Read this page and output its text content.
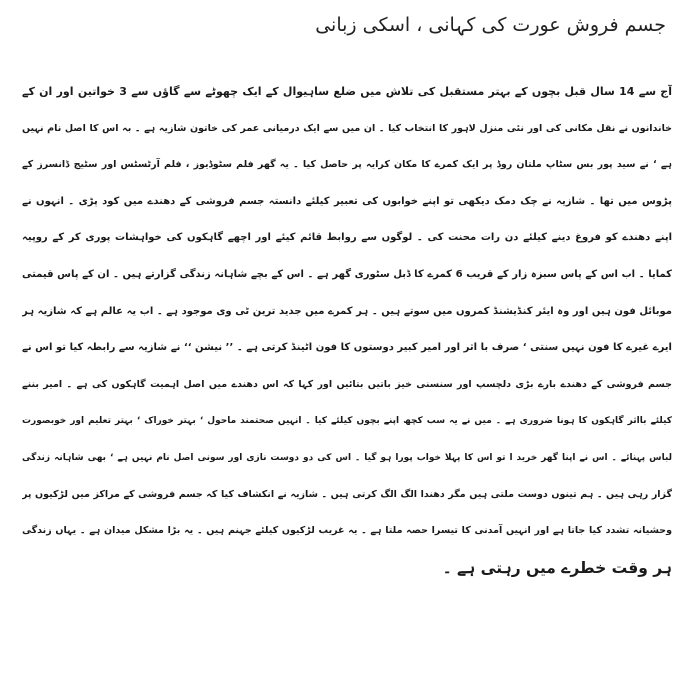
جسم فروش عورت کی کہانی ، اسکی زبانی
آج سے 14 سال قبل بچوں کے بہتر مستقبل کی تلاش میں ضلع ساہیوال کے ایک چھوٹے سے گاؤں سے 3 خواتین اور ان کے
خاندانوں نے نقل مکانی کی اور نئی منزل لاہور کا انتخاب کیا ۔ ان میں سے ایک درمیانی عمر کی خاتون شازیہ ہے ۔ بہ اس کا اصل نام نہیں
ہے ‘ نے سید پور بس سٹاپ ملتان روڈ پر ایک کمرے کا مکان کرایہ پر حاصل کیا ۔ یہ گھر فلم سٹوڈیوز ، فلم آرٹسٹس اور سٹیج ڈانسرز کے
پڑوس میں تھا ۔ شازیہ نے چک دمک دیکھی تو اپنے خوابوں کی تعبیر کیلئے دانستہ جسم فروشی کے دھندے میں کود پڑی ۔ انہوں نے
اپنے دھندے کو فروغ دینے کیلئے دن رات محنت کی ۔ لوگوں سے روابط قائم کیئے اور اچھے گاہکوں کی خواہشات پوری کر کے روپیہ
کمایا ۔ اب اس کے پاس سبزہ زار کے قریب 6 کمرے کا ڈبل سٹوری گھر ہے ۔ اس کے بچے شاہانہ زندگی گزارتے ہیں ۔ ان کے پاس قیمتی
موبائل فون ہیں اور وہ ایئر کنڈیشنڈ کمروں میں سوتے ہیں ۔ ہر کمرے میں جدید ترین ٹی وی موجود ہے ۔ اب یہ عالم ہے کہ شازیہ ہر
ایرے غیرے کا فون نہیں سنتی ‘ صرف با اثر اور امیر کبیر دوستوں کا فون اٹینڈ کرتی ہے ۔ ’’ نیشن ‘‘ نے شازیہ سے رابطہ کیا تو اس نے
جسم فروشی کے دھندے بارے بڑی دلچسپ اور سنسنی خیز باتیں بتائیں اور کہا کہ اس دھندے میں اصل اہمیت گاہکوں کی ہے ۔ امیر بننے
کیلئے بااثر گاہکوں کا ہونا ضروری ہے ۔ میں نے یہ سب کچھ اپنے بچوں کیلئے کیا ۔ انہیں صحتمند ماحول ‘ بہتر خوراک ‘ بہتر تعلیم اور خوبصورت
لباس پہنائے ۔ اس نے اپنا گھر خرید ا تو اس کا پہلا خواب پورا ہو گیا ۔ اس کی دو دوست نازی اور سونی اصل نام نہیں ہے ‘ بھی شاہانہ زندگی
گزار رہی ہیں ۔ ہم تینوں دوست ملتی ہیں مگر دھندا الگ الگ کرتی ہیں ۔ شازیہ نے انکشاف کیا کہ جسم فروشی کے مراکز میں لڑکیوں پر
وحشیانہ تشدد کیا جاتا ہے اور انہیں آمدنی کا تیسرا حصہ ملتا ہے ۔ یہ غریب لڑکیوں کیلئے جہنم ہیں ۔ یہ بڑا مشکل میدان ہے ۔ یہاں زندگی
ہر وقت خطرے میں رہتی ہے ۔
